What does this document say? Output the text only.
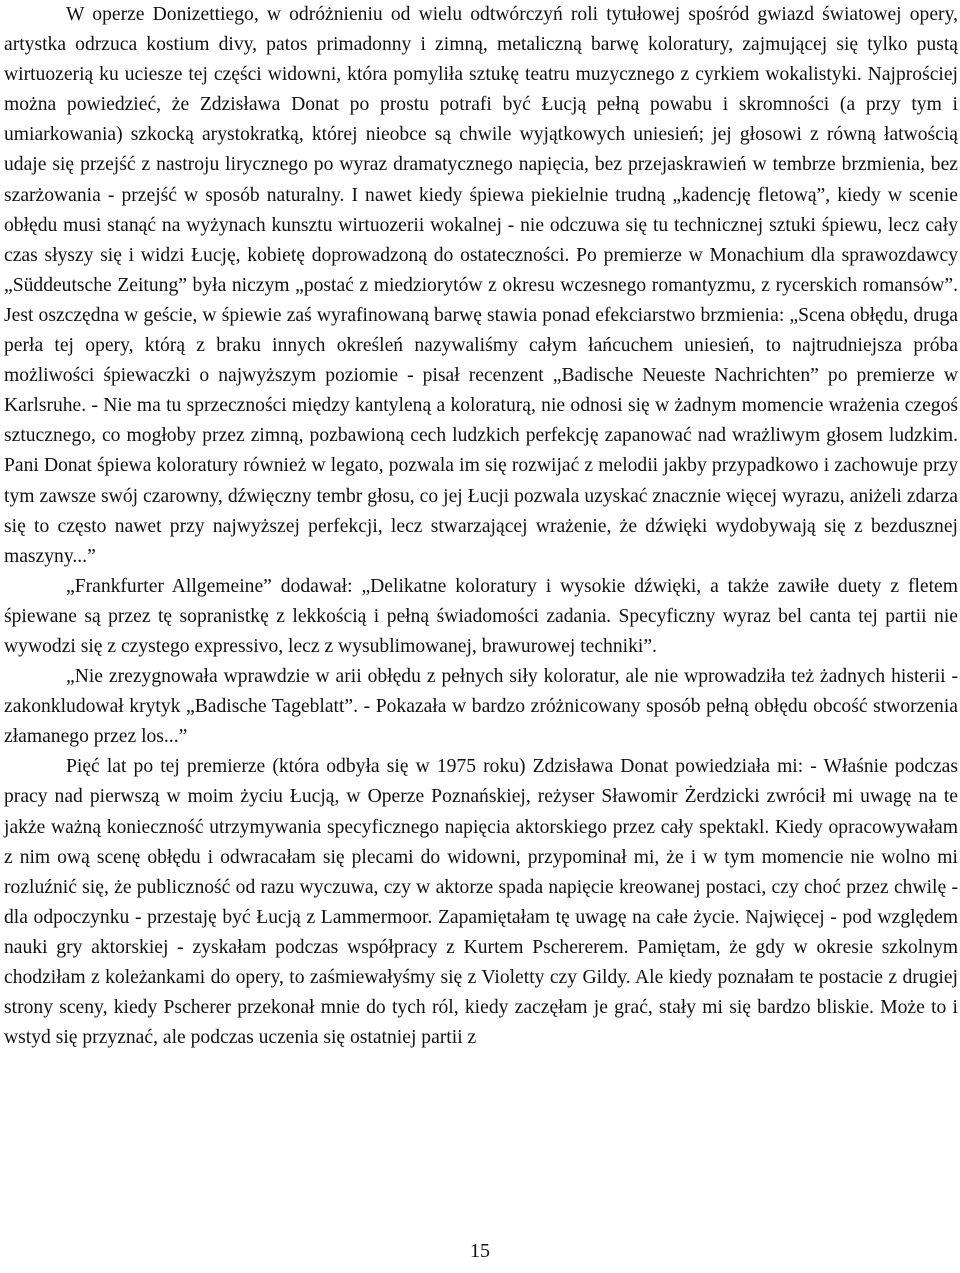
W operze Donizettiego, w odróżnieniu od wielu odtwórczyń roli tytułowej spośród gwiazd światowej opery, artystka odrzuca kostium divy, patos primadonny i zimną, metaliczną barwę koloratury, zajmującej się tylko pustą wirtuozerią ku uciesze tej części widowni, która pomyliła sztukę teatru muzycznego z cyrkiem wokalistyki. Najprościej można powiedzieć, że Zdzisława Donat po prostu potrafi być Łucją pełną powabu i skromności (a przy tym i umiarkowania) szkocką arystokratką, której nieobce są chwile wyjątkowych uniesień; jej głosowi z równą łatwością udaje się przejść z nastroju lirycznego po wyraz dramatycznego napięcia, bez przejaskrawień w tembrze brzmienia, bez szarżowania - przejść w sposób naturalny. I nawet kiedy śpiewa piekielnie trudną „kadencję fletową”, kiedy w scenie obłędu musi stanąć na wyżynach kunsztu wirtuozerii wokalnej - nie odczuwa się tu technicznej sztuki śpiewu, lecz cały czas słyszy się i widzi Łucję, kobietę doprowadzoną do ostateczności. Po premierze w Monachium dla sprawozdawcy „Süddeutsche Zeitung” była niczym „postać z miedziorytów z okresu wczesnego romantyzmu, z rycerskich romansów”. Jest oszczędna w geście, w śpiewie zaś wyrafinowaną barwę stawia ponad efekciarstwo brzmienia: „Scena obłędu, druga perła tej opery, którą z braku innych określeń nazywaliśmy całym łańcuchem uniesień, to najtrudniejsza próba możliwości śpiewaczki o najwyższym poziomie - pisał recenzent „Badische Neueste Nachrichten” po premierze w Karlsruhe. - Nie ma tu sprzeczności między kantyleną a koloraturą, nie odnosi się w żadnym momencie wrażenia czegoś sztucznego, co mogłoby przez zimną, pozbawioną cech ludzkich perfekcję zapanować nad wrażliwym głosem ludzkim. Pani Donat śpiewa koloratury również w legato, pozwala im się rozwijać z melodii jakby przypadkowo i zachowuje przy tym zawsze swój czarowny, dźwięczny tembr głosu, co jej Łucji pozwala uzyskać znacznie więcej wyrazu, aniżeli zdarza się to często nawet przy najwyższej perfekcji, lecz stwarzającej wrażenie, że dźwięki wydobywają się z bezdusznej maszyny...”

„Frankfurter Allgemeine” dodawał: „Delikatne koloratury i wysokie dźwięki, a także zawiłe duety z fletem śpiewane są przez tę sopranistkę z lekkością i pełną świadomości zadania. Specyficzny wyraz bel canta tej partii nie wywodzi się z czystego expressivo, lecz z wysublimowanej, brawurowej techniki”.

„Nie zrezygnowała wprawdzie w arii obłędu z pełnych siły koloratur, ale nie wprowadziła też żadnych histerii - zakonkludował krytyk „Badische Tageblatt”. - Pokazała w bardzo zróżnicowany sposób pełną obłędu obcość stworzenia złamanego przez los...”

Pięć lat po tej premierze (która odbyła się w 1975 roku) Zdzisława Donat powiedziała mi: - Właśnie podczas pracy nad pierwszą w moim życiu Łucją, w Operze Poznańskiej, reżyser Sławomir Żerdzicki zwrócił mi uwagę na te jakże ważną konieczność utrzymywania specyficznego napięcia aktorskiego przez cały spektakl. Kiedy opracowywałam z nim ową scenę obłędu i odwracałam się plecami do widowni, przypominał mi, że i w tym momencie nie wolno mi rozluźnić się, że publiczność od razu wyczuwa, czy w aktorze spada napięcie kreowanej postaci, czy choć przez chwilę - dla odpoczynku - przestaję być Łucją z Lammermoor. Zapamiętałam tę uwagę na całe życie. Najwięcej - pod względem nauki gry aktorskiej - zyskałam podczas współpracy z Kurtem Pschererem. Pamiętam, że gdy w okresie szkolnym chodziłam z koleżankami do opery, to zaśmiewałyśmy się z Violetty czy Gildy. Ale kiedy poznałam te postacie z drugiej strony sceny, kiedy Pscherer przekonał mnie do tych ról, kiedy zaczęłam je grać, stały mi się bardzo bliskie. Może to i wstyd się przyznać, ale podczas uczenia się ostatniej partii z

15
